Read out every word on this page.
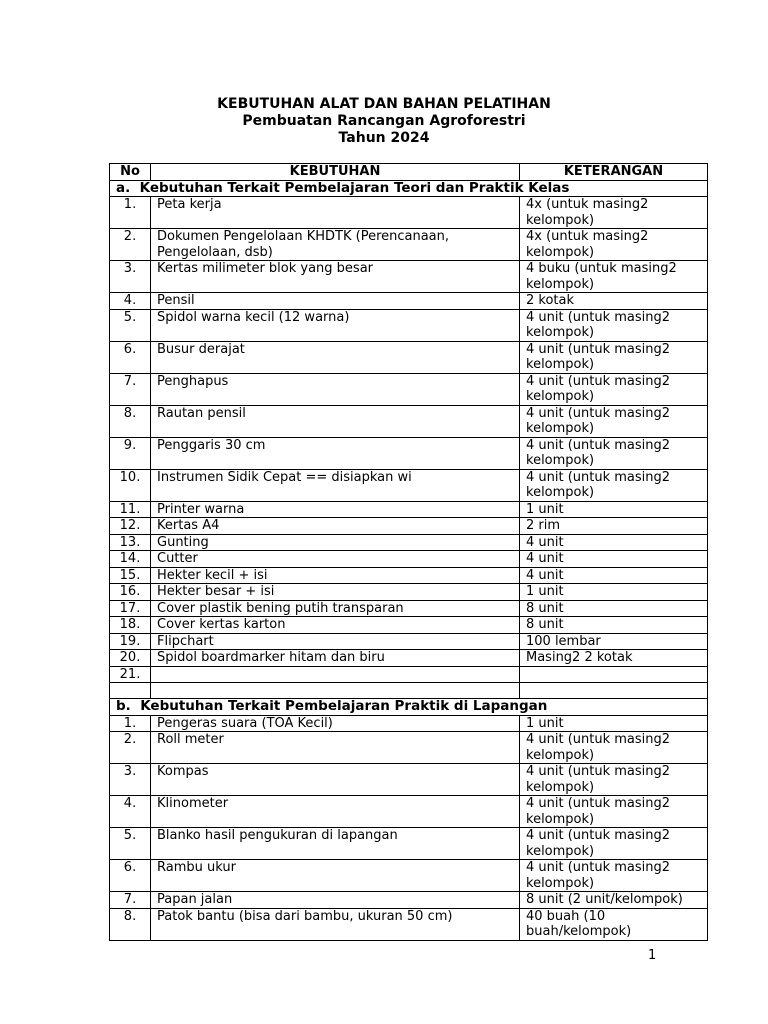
KEBUTUHAN ALAT DAN BAHAN PELATIHAN
Pembuatan Rancangan Agroforestri
Tahun 2024
No	KEBUTUHAN	KETERANGAN
a.  Kebutuhan Terkait Pembelajaran Teori dan Praktik Kelas		
1.	Peta kerja	4x (untuk masing2 kelompok)
2.	Dokumen Pengelolaan KHDTK (Perencanaan, Pengelolaan, dsb)	4x (untuk masing2 kelompok)
3.	Kertas milimeter blok yang besar	4 buku (untuk masing2 kelompok)
4.	Pensil	2 kotak
5.	Spidol warna kecil (12 warna)	4 unit (untuk masing2 kelompok)
6.	Busur derajat	4 unit (untuk masing2 kelompok)
7.	Penghapus	4 unit (untuk masing2 kelompok)
8.	Rautan pensil	4 unit (untuk masing2 kelompok)
9.	Penggaris 30 cm	4 unit (untuk masing2 kelompok)
10.	Instrumen Sidik Cepat == disiapkan wi	4 unit (untuk masing2 kelompok)
11.	Printer warna	1 unit
12.	Kertas A4	2 rim
13.	Gunting	4 unit
14.	Cutter	4 unit
15.	Hekter kecil + isi	4 unit
16.	Hekter besar + isi	1 unit
17.	Cover plastik bening putih transparan	8 unit
18.	Cover kertas karton	8 unit
19.	Flipchart	100 lembar
20.	Spidol boardmarker hitam dan biru	Masing2 2 kotak
21.		

b.  Kebutuhan Terkait Pembelajaran Praktik di Lapangan		
1.	Pengeras suara (TOA Kecil)	1 unit
2.	Roll meter	4 unit (untuk masing2 kelompok)
3.	Kompas	4 unit (untuk masing2 kelompok)
4.	Klinometer	4 unit (untuk masing2 kelompok)
5.	Blanko hasil pengukuran di lapangan	4 unit (untuk masing2 kelompok)
6.	Rambu ukur	4 unit (untuk masing2 kelompok)
7.	Papan jalan	8 unit (2 unit/kelompok)
8.	Patok bantu (bisa dari bambu, ukuran 50 cm)	40 buah (10 buah/kelompok)
1
